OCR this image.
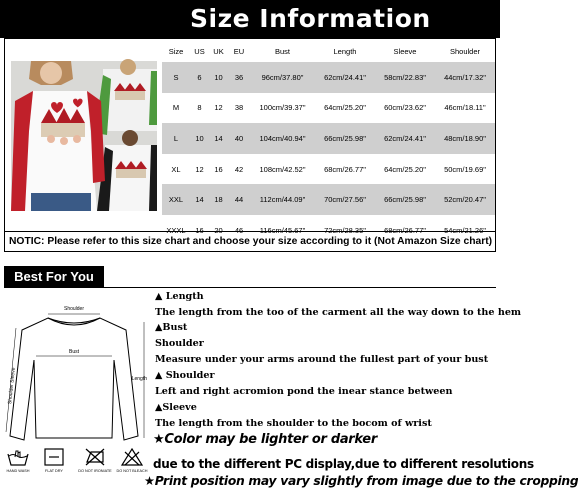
Size Information
Size	US	UK	EU	Bust	Length	Sleeve	Shoulder
S	6	10	36	96cm/37.80"	62cm/24.41"	58cm/22.83"	44cm/17.32"
M	8	12	38	100cm/39.37"	64cm/25.20"	60cm/23.62"	46cm/18.11"
L	10	14	40	104cm/40.94"	66cm/25.98"	62cm/24.41"	48cm/18.90"
XL	12	16	42	108cm/42.52"	68cm/26.77"	64cm/25.20"	50cm/19.69"
XXL	14	18	44	112cm/44.09"	70cm/27.56"	66cm/25.98"	52cm/20.47"
XXXL	16	20	46	116cm/45.67"	72cm/28.35"	68cm/26.77"	54cm/21.26"
NOTIC: Please refer to this size chart and choose your size according to it (Not Amazon Size chart)
Best For You
Shoulder
Bust
Length
Shoulder Sleeve
▲ Length
The length from the too of the carment all the way down to the hem
▲Bust
Shoulder
Measure under your arms around the fullest part of your bust
▲ Shoulder
Left and right acromion pond the inear stance between
▲Sleeve
The length from the shoulder to the bocom of wrist
★Color may be lighter or darker
due to the different PC display,due to different resolutions
★Print position may vary slightly from image due to the cropping
HAND WASH	FLAT DRY	DO NOT IRONIATE	DO NOT BLEACH
